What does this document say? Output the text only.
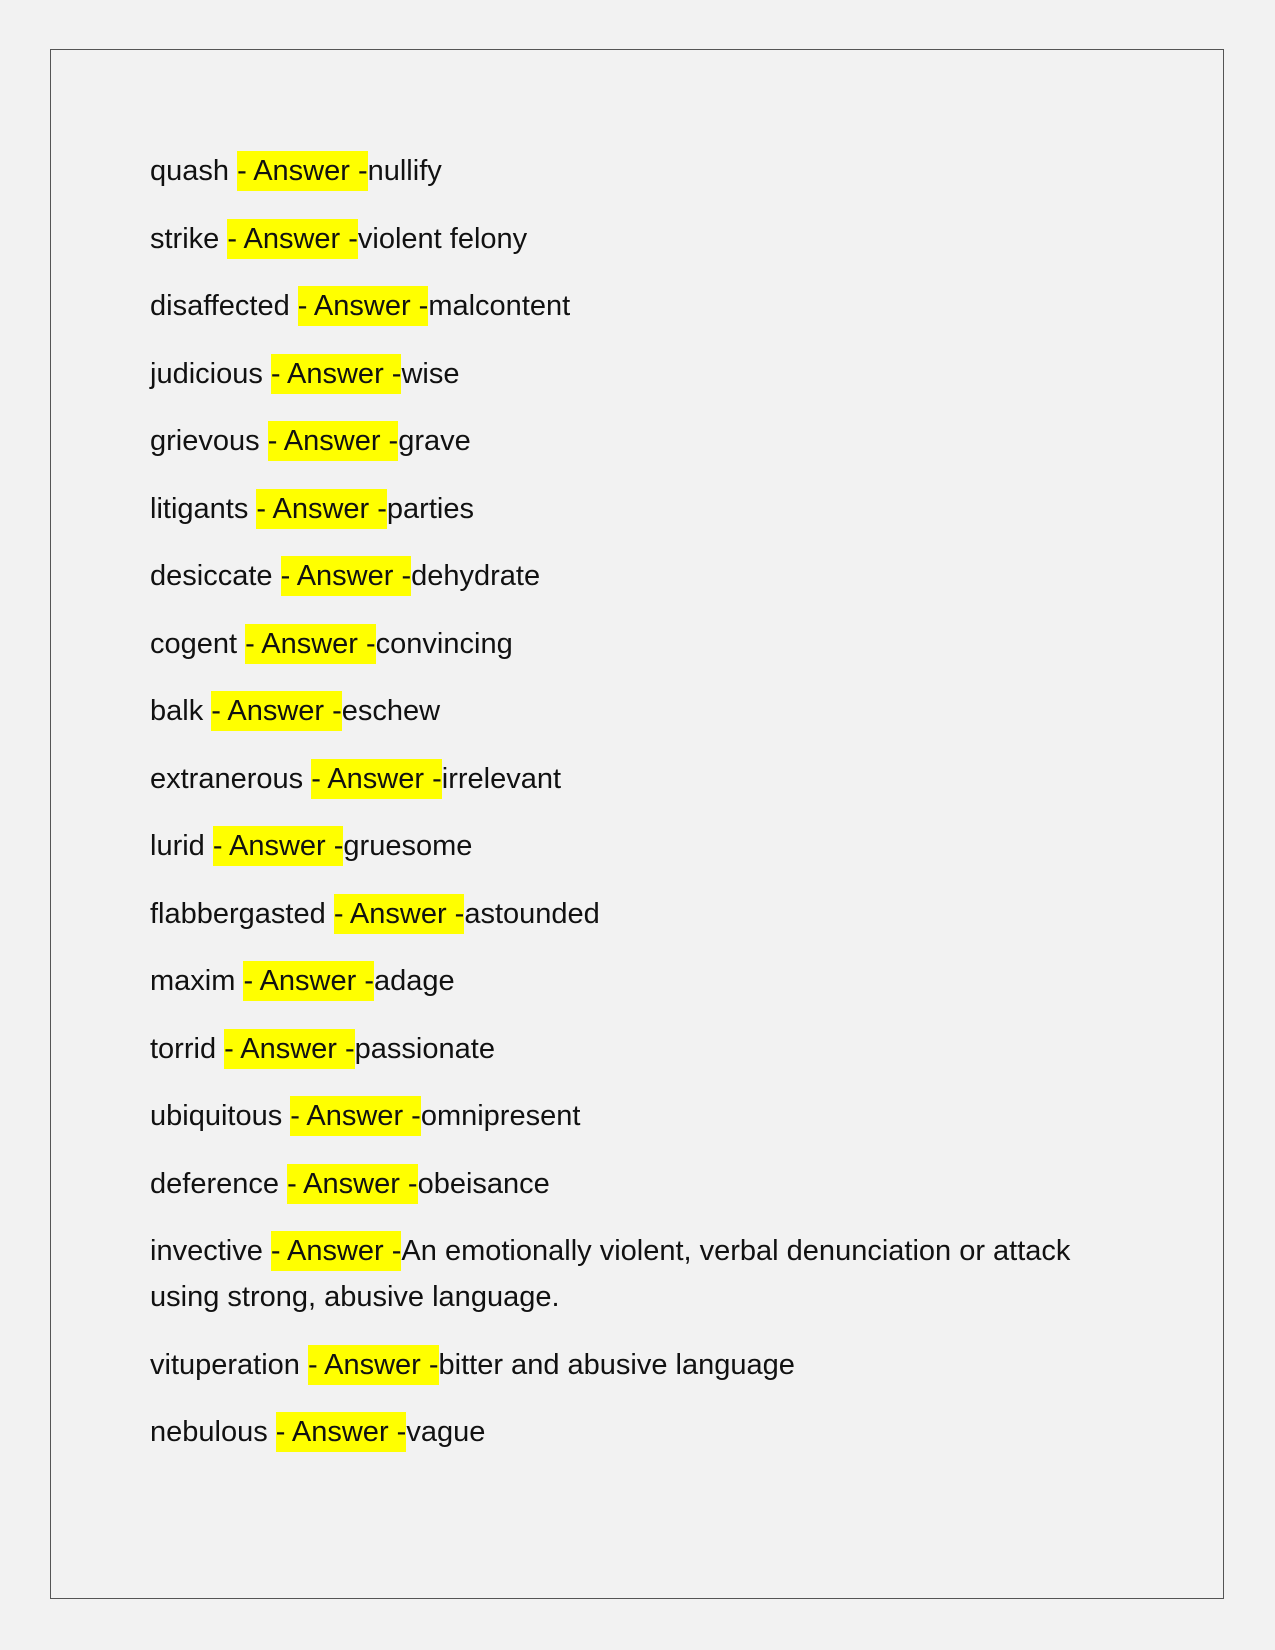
quash - Answer -nullify
strike - Answer -violent felony
disaffected - Answer -malcontent
judicious - Answer -wise
grievous - Answer -grave
litigants - Answer -parties
desiccate - Answer -dehydrate
cogent - Answer -convincing
balk - Answer -eschew
extranerous - Answer -irrelevant
lurid - Answer -gruesome
flabbergasted - Answer -astounded
maxim - Answer -adage
torrid - Answer -passionate
ubiquitous - Answer -omnipresent
deference - Answer -obeisance
invective - Answer -An emotionally violent, verbal denunciation or attack using strong, abusive language.
vituperation - Answer -bitter and abusive language
nebulous - Answer -vague
